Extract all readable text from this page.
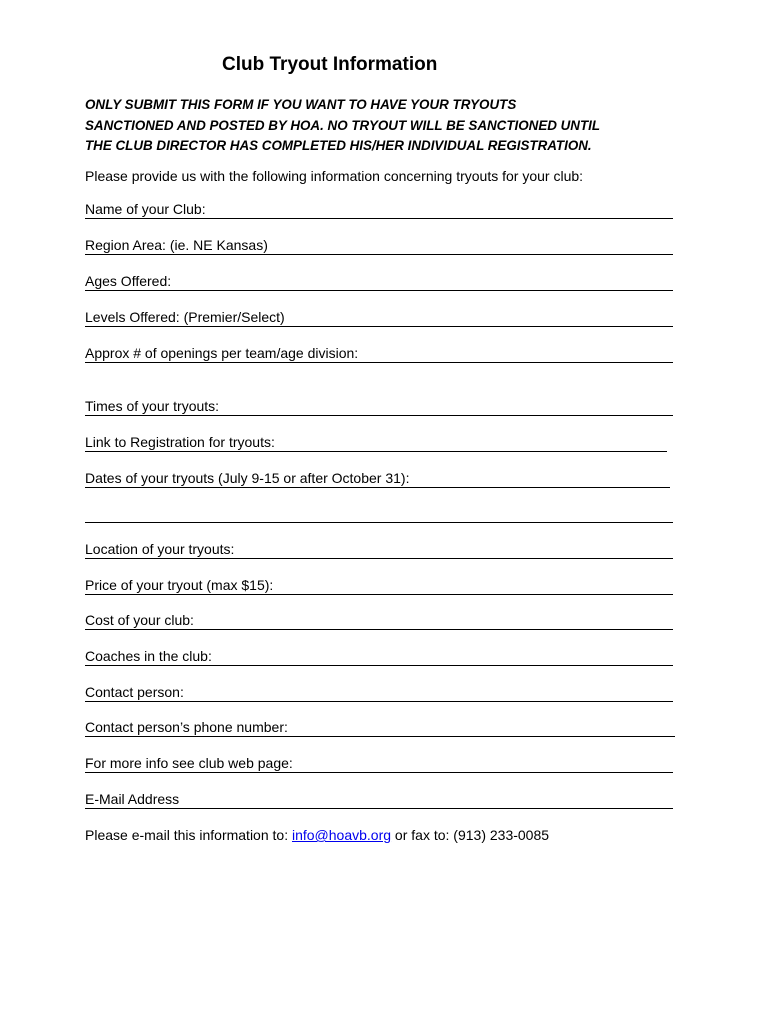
Club Tryout Information
ONLY SUBMIT THIS FORM IF YOU WANT TO HAVE YOUR TRYOUTS
SANCTIONED AND POSTED BY HOA. NO TRYOUT WILL BE SANCTIONED UNTIL
THE CLUB DIRECTOR HAS COMPLETED HIS/HER INDIVIDUAL REGISTRATION.
Please provide us with the following information concerning tryouts for your club:
Name of your Club:
Region Area: (ie. NE Kansas)
Ages Offered:
Levels Offered: (Premier/Select)
Approx # of openings per team/age division:
Times of your tryouts:
Link to Registration for tryouts:
Dates of your tryouts (July 9-15 or after October 31):
Location of your tryouts:
Price of your tryout (max $15):
Cost of your club:
Coaches in the club:
Contact person:
Contact person’s phone number:
For more info see club web page:
E-Mail Address
Please e-mail this information to: info@hoavb.org or fax to: (913) 233-0085
